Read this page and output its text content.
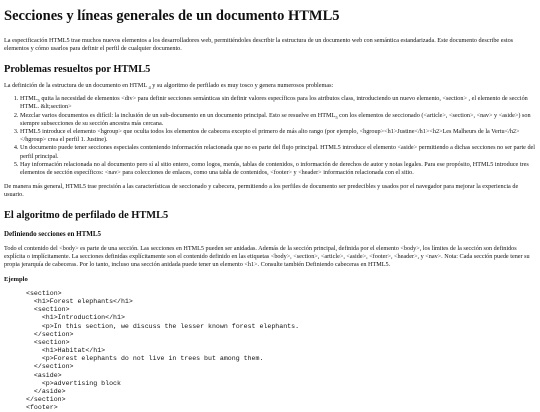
Secciones y líneas generales de un documento HTML5

La especificación HTML5 trae muchos nuevos elementos a los desarrolladores web, permitiéndoles describir la estructura de un documento web con semántica estandarizada. Este documento describe estos elementos y cómo usarlos para definir el perfil de cualquier documento.

Problemas resueltos por HTML5

La definición de la estructura de un documento en HTML $_4$ y su algoritmo de perfilado es muy tosco y genera numerosos problemas:

1. $HTML_5$ quita la necesidad de elementos <div> para definir secciones semánticas sin definir valores específicos para los atributos class, introduciendo un nuevo elemento, <section> , el elemento de sección HTML. &lt;section>
2. Mezclar varios documentos es difícil: la inclusión de un sub-documento en un documento principal. Esto se resuelve en $HTML_5$ con los elementos de seccionado (<article>, <section>, <nav> y <aside>) son siempre subsecciones de su sección ancestra más cercana.
3. HTML5 introduce el elemento <hgroup> que oculta todos los elementos de cabecera excepto el primero de más alto rango (por ejemplo, <hgroup><h1>Justine</h1><h2>Les Malheurs de la Vertu</h2></hgroup> crea el perfil 1. Justine).
4. Un documento puede tener secciones especiales conteniendo información relacionada que no es parte del flujo principal. HTML5 introduce el elemento <aside> permitiendo a dichas secciones no ser parte del perfil principal.
5. Hay información relacionada no al documento pero sí al sitio entero, como logos, menús, tablas de contenidos, o información de derechos de autor y notas legales. Para ese propósito, HTML5 introduce tres elementos de sección específicos: <nav> para colecciones de enlaces, como una tabla de contenidos, <footer> y <header> información relacionada con el sitio.

De manera más general, HTML5 trae precisión a las características de seccionado y cabecera, permitiendo a los perfiles de documento ser predecibles y usados por el navegador para mejorar la experiencia de usuario.

El algoritmo de perfilado de HTML5
Definiendo secciones en HTML5

Todo el contenido del <body> es parte de una sección. Las secciones en HTML5 pueden ser anidadas. Además de la sección principal, definida por el elemento <body>, los límites de la sección son definidos explícita o implícitamente. La secciones definidas explícitamente son el contenido definido en las etiquetas <body>, <section>, <article>, <aside>, <footer>, <header>, y <nav>. Nota: Cada sección puede tener su propia jerarquía de cabeceras. Por lo tanto, incluso una sección anidada puede tener un elemento <h1>. Consulte también Definiendo cabeceras en HTML5.

Ejemplo
<section>
<h1>Forest elephants</h1>
<section>
<h1>Introduction</h1>
<p>In this section, we discuss the lesser known forest elephants.
</section>
<section>
<h1>Habitat</h1>
<p>Forest elephants do not live in trees but among them.
</section>
<aside>
<p>advertising block
</aside>
</section>
<footer>
